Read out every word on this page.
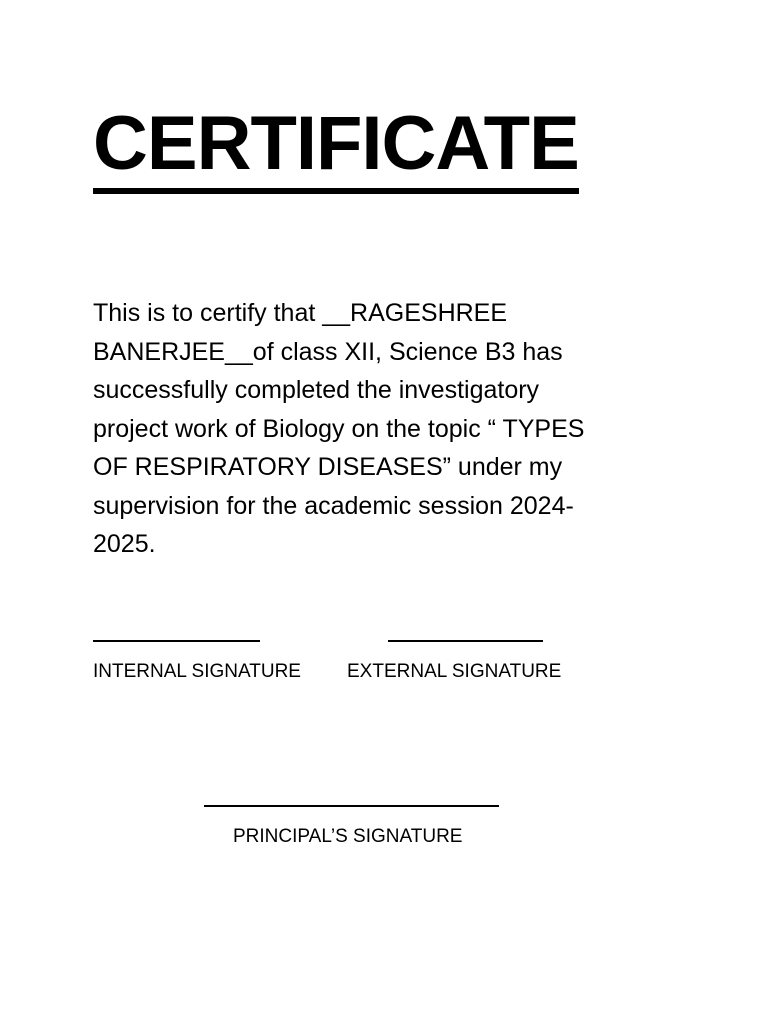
CERTIFICATE

This is to certify that __RAGESHREE
BANERJEE__of class XII, Science B3 has
successfully completed the investigatory
project work of Biology on the topic “ TYPES
OF RESPIRATORY DISEASES” under my
supervision for the academic session 2024-
2025.

INTERNAL SIGNATURE EXTERNAL SIGNATURE
PRINCIPAL’S SIGNATURE
